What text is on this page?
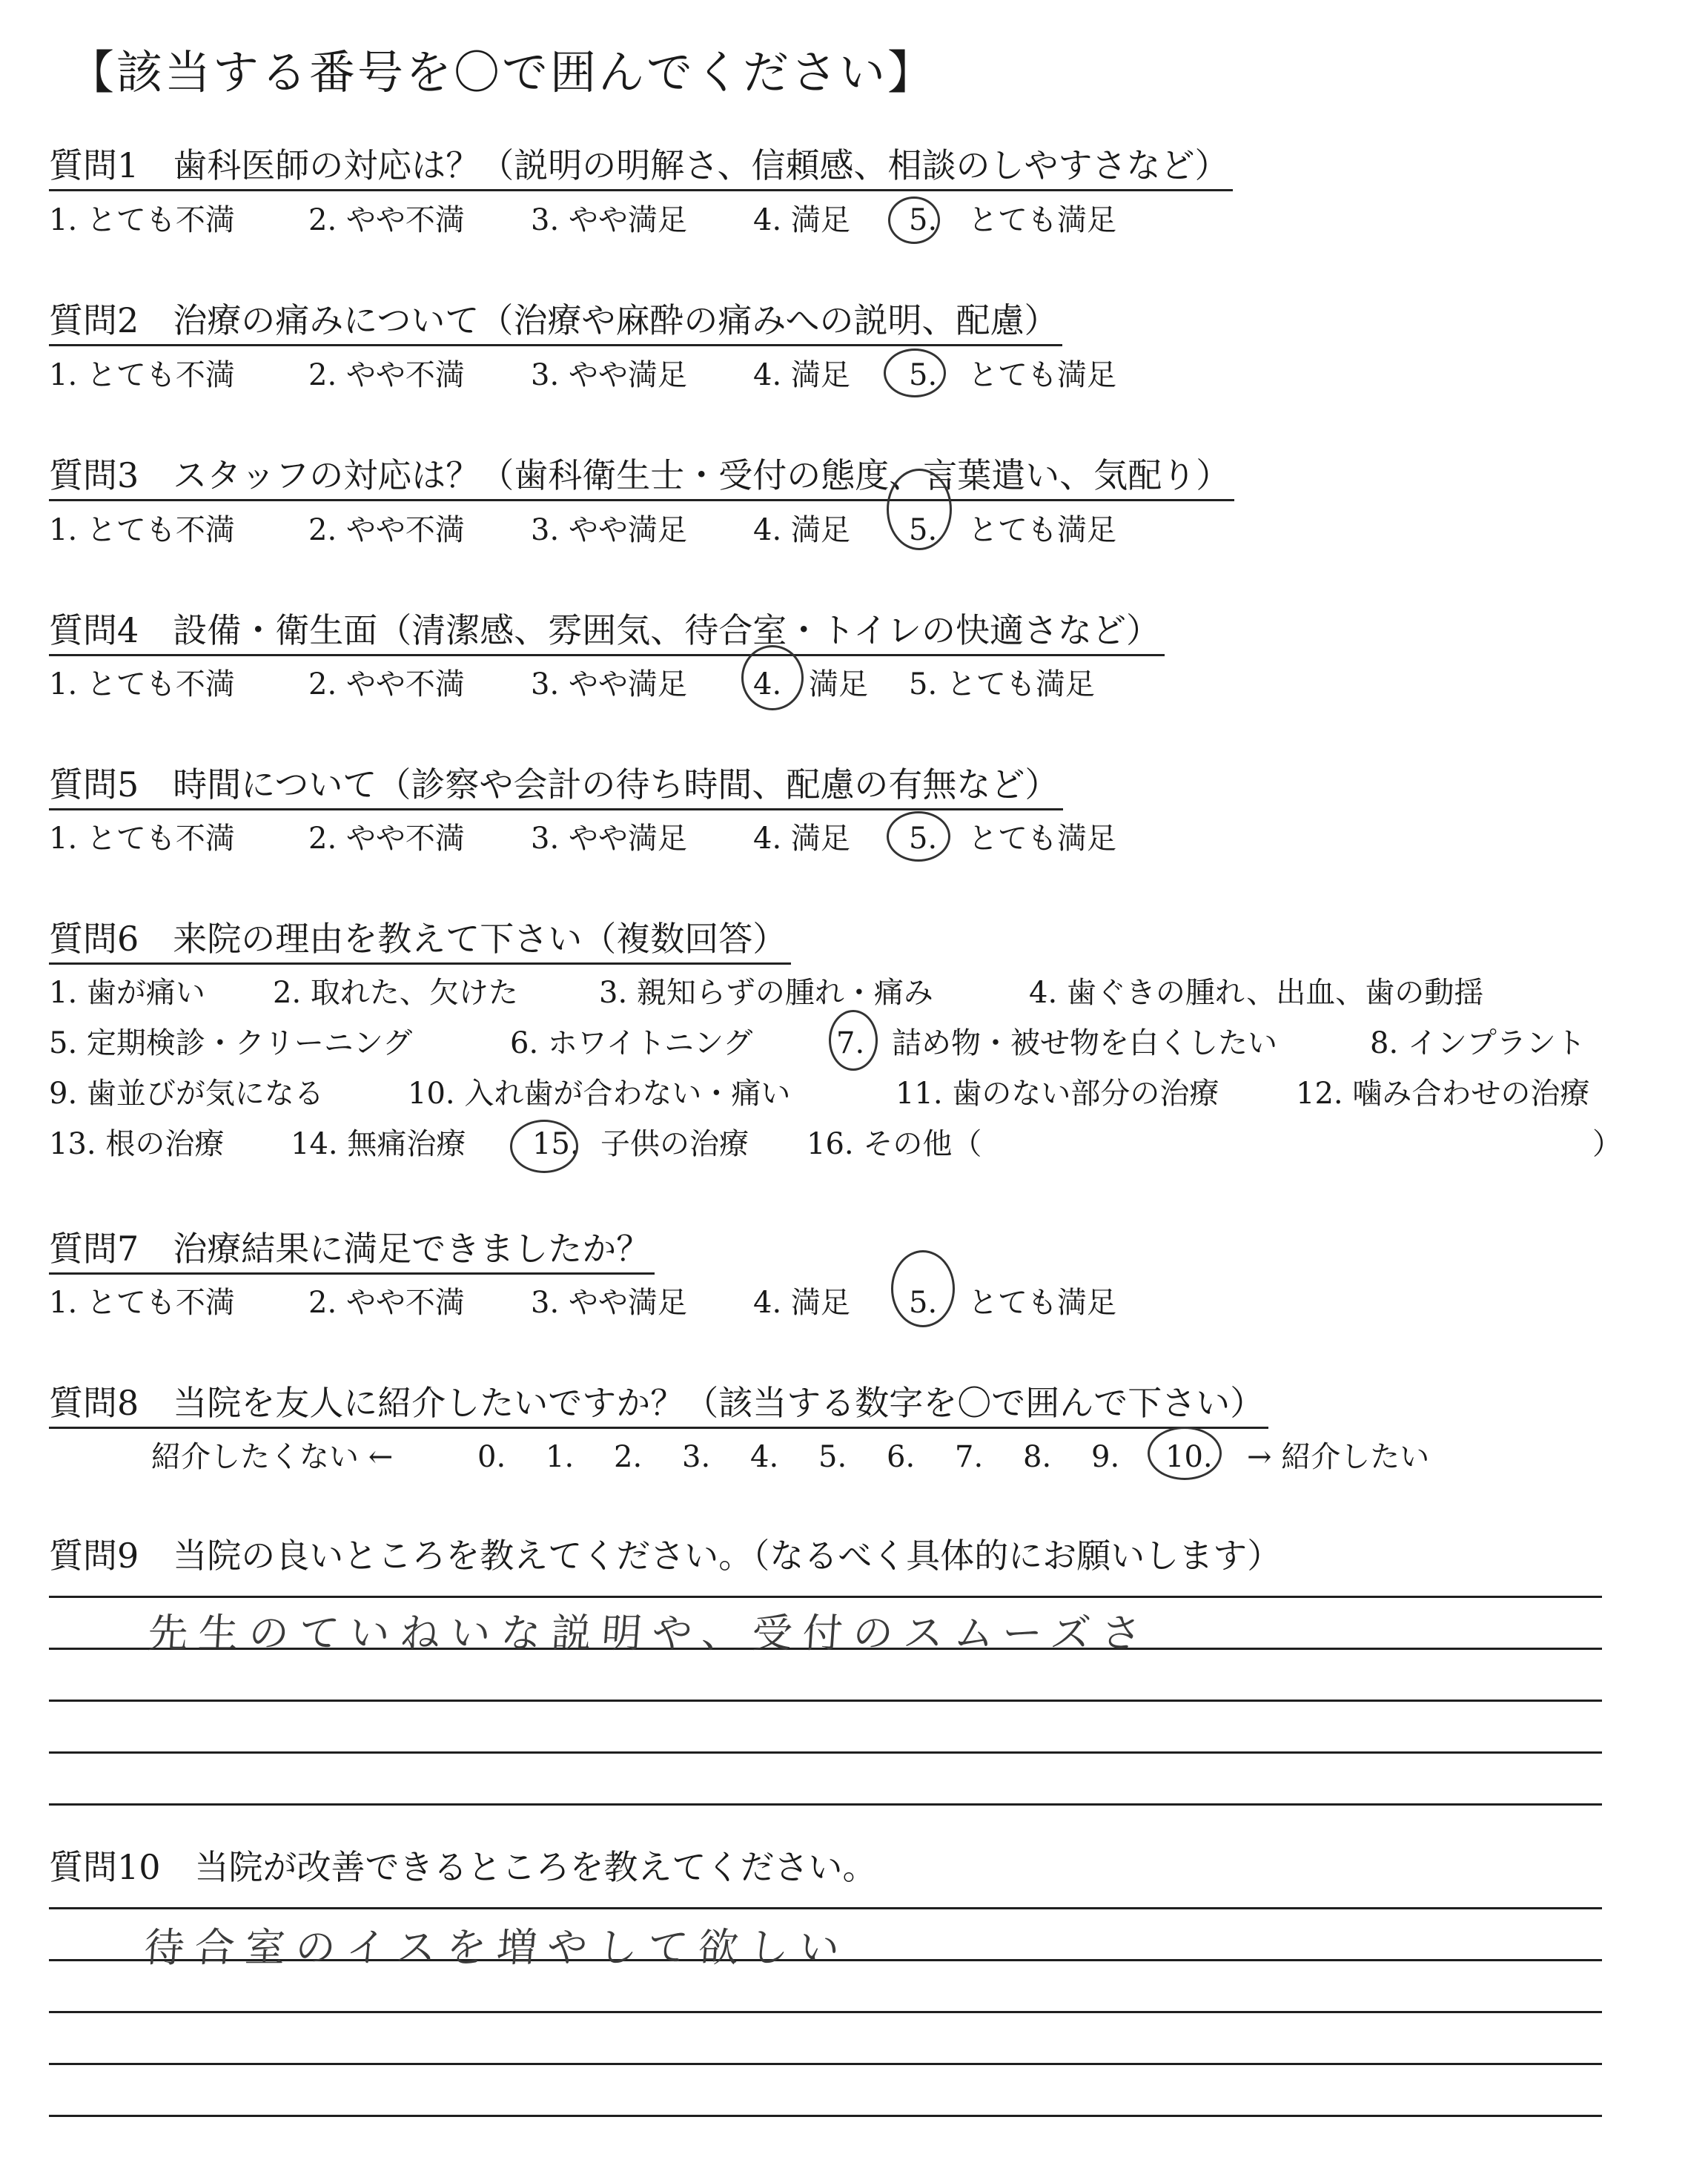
【該当する番号を〇で囲んでください】
質問1　 歯科医師の対応は？（説明の明解さ、信頼感、相談のしやすさなど）
1. とても不満 2. やや不満 3. やや満足 4. 満足 5. とても満足
質問2　 治療の痛みについて（治療や麻酔の痛みへの説明、配慮）
1. とても不満 2. やや不満 3. やや満足 4. 満足 5. とても満足
質問3　 スタッフの対応は？（歯科衛生士・受付の態度、言葉遣い、気配り）
1. とても不満 2. やや不満 3. やや満足 4. 満足 5. とても満足
質問4　 設備・衛生面（清潔感、雰囲気、待合室・トイレの快適さなど）
1. とても不満 2. やや不満 3. やや満足 4. 満足 5. とても満足
質問5　 時間について（診察や会計の待ち時間、配慮の有無など）
1. とても不満 2. やや不満 3. やや満足 4. 満足 5. とても満足
質問6　 来院の理由を教えて下さい（複数回答）
1. 歯が痛い 2. 取れた、欠けた	3. 親知らずの腫れ・痛み	4. 歯ぐきの腫れ、出血、歯の動揺
5. 定期検診・クリーニング	6. ホワイトニング	7. 詰め物・被せ物を白くしたい	8. インプラント
9. 歯並びが気になる	10. 入れ歯が合わない・痛い	11. 歯のない部分の治療	12. 噛み合わせの治療
13. 根の治療 14. 無痛治療 15. 子供の治療 16. その他（	）
質問7　 治療結果に満足できましたか？
1. とても不満 2. やや不満 3. やや満足 4. 満足 5. とても満足
質問8　 当院を友人に紹介したいですか？（該当する数字を〇で囲んで下さい）
紹介したくない ←	0. 1. 2. 3. 4. 5. 6. 7. 8. 9. 10. → 紹介したい
質問9　 当院の良いところを教えてください。（なるべく具体的にお願いします）
先生のていねいな説明や、受付のスムーズさ
質問10　 当院が改善できるところを教えてください。
待合室のイスを増やして欲しい
